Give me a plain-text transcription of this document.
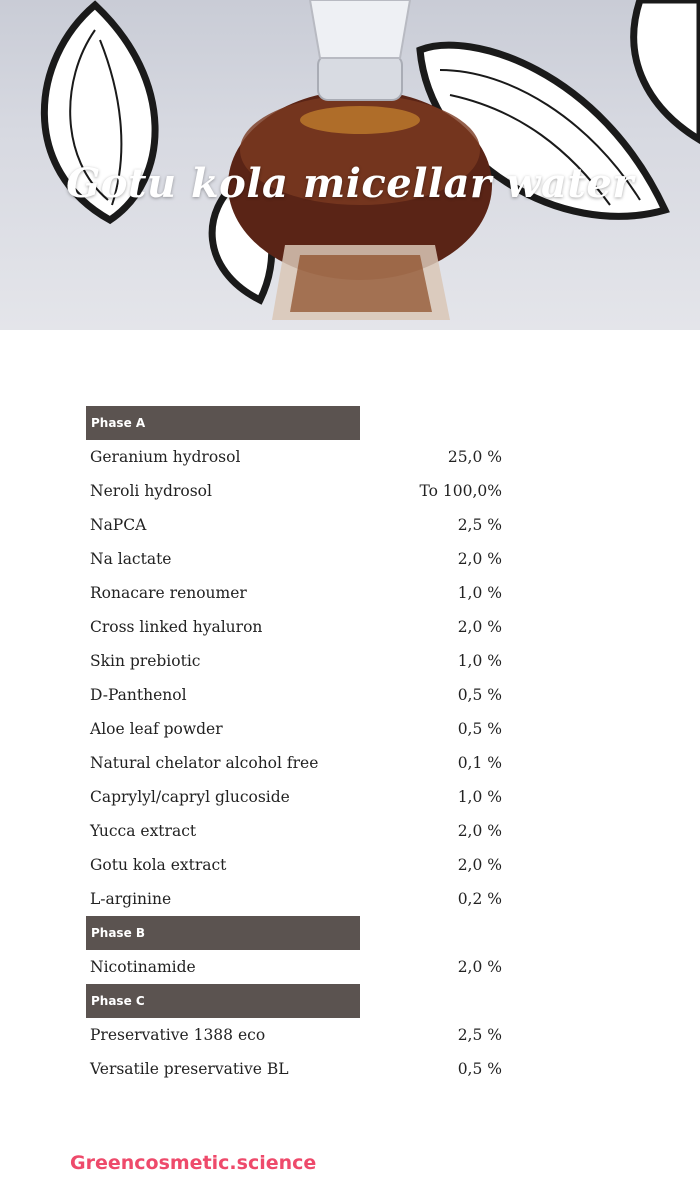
Gotu kola micellar water
Phase A
Geranium hydrosol	25,0 %
Neroli hydrosol	To 100,0%
NaPCA	2,5 %
Na lactate	2,0 %
Ronacare renoumer	1,0 %
Cross linked hyaluron	2,0 %
Skin prebiotic	1,0 %
D-Panthenol	0,5 %
Aloe leaf powder	0,5 %
Natural chelator alcohol free	0,1 %
Caprylyl/capryl glucoside	1,0 %
Yucca extract	2,0 %
Gotu kola extract	2,0 %
L-arginine	0,2 %
Phase B
Nicotinamide	2,0 %
Phase C
Preservative 1388 eco	2,5 %
Versatile preservative BL	0,5 %
Greencosmetic.science
